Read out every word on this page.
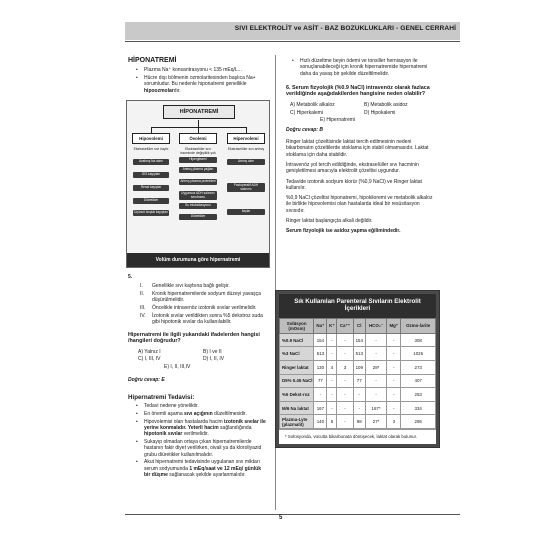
SIVI ELEKTROLİT ve ASİT - BAZ BOZUKLUKLARI - GENEL CERRAHİ
HİPONATREMİ
• Plazma Na⁺ konsantrasyonu < 135 mEq/L...
• Hücre dışı bölmenin ozmolaritesinden başlıca Na+ sorumludur. Bu nedenle hiponatremi genellikle hipoozmolardır.
HİPONATREMİ
Hipovolemi	Övolemi	Hipervolemi
Ekstraselüler sıvı kaybı	Ekstraselüler sıvı hacminde değişiklik yok
Ekstraselüler sıvı artmış
Azalmış Na alımı
GIS kayıpları
Renal kayıplar
Diüretikler
Üçüncü boşluk kayıpları
Hiperglisemi
Artmış plazma yağları
Artmış plazma proteinleri
Uygunsuz ADH salınımı sendromu
Su intoksikasyonu
Diüretikler
Artmış alım
Postoperatif ADH salınımı
İlaçlar
Volüm durumuna göre hipernatremi
5.
I. Genellikle sıvı kaybına bağlı gelişir.
II. Kronik hipernatremilerde sodyum düzeyi yavaşça düşürülmelidir.
III. Öncelikle intravenöz izotonik sıvılar verilmelidir.
IV. İzotonik sıvılar verildikten sonra %5 dekstroz suda gibi hipotonik sıvılar da kullanılabilir.
Hipernatremi ile ilgili yukarıdaki ifadelerden hangisi /hangileri doğrudur?
A) Yalnız I	B) I ve II
C) I, III, IV	D) I, II, IV
E) I, II, III,IV
Doğru cevap: E
Hipernatremi Tedavisi:
• Tedavi nedene yöneliktir.
• En önemli aşama sıvı açığının düzeltilmesidir.
• Hipovolemisi olan hastalarda hacim izotonik sıvılar ile yerine konmalıdır. Yeterli hacim sağlandığında hipotonik sıvılar verilmelidir.
• Sukayıp olmadan ortaya çıkan hipernatremilerde hastanın fakir diyet verilirken, oivali ya da kloroliyazid grubu diüretikler kullanılmalıdır.
• Akut hipernatremi tedavisinde uygulanan sıvı miktarı serum sodyumunda 1 mEq/saat ve 12 mEq/ günlük bir düşme sağlanacak şekilde ayarlanmalıdır.
• Hızlı düzeltme beyin ödemi ve tonsiller herniasyon ile sonuçlanabileceği için kronik hipernatremide hipernatremi daha da yavaş bir şekilde düzeltilmelidir.
6. Serum fizyolojik (%0.9 NaCl) intravenöz olarak fazlaca verildiğinde aşağıdakilerden hangisine neden olabilir?
A) Metabolik alkaloz	B) Metabolik asidoz
C) Hiperkalemi	D) Hipokalemi
E) Hipernatremi
Doğru cevap: B
Ringer laktat çözeltisinde laktat tercih edilmesinin nedeni bikarbonatın çözeltilerde stoklama için stabil olmamasıdır. Laktat stoklama için daha stabildir.
İntravenöz yol tercih edildiğinde, ekstraselüller sıvı hacminin genişletilmesi amacıyla elektrolit çözeltisi uygundur.
Tedavide izotonik sodyum klorür (%0,9 NaCl) ve Ringer laktat kullanılır.
%0,9 NaCl çözeltisi hiponatremi, hipoklioremi ve metabolik alkaloz ile birlikte hipovolemisi olan hastalarda ideal bir resüsitasyon sıvısıdır.
Ringer laktat başlangıçta alkali değildir.
Serum fizyolojik ise asidoz yapma eğilimindedir.
Sık Kullanılan Parenteral Sıvıların Elektrolit İçerikleri
Solüsyon (mOsm)	Na⁺	K⁺	Ca⁺⁺	Cl	HCO₃⁻	Mg⁺	Ozmo-larite
%0.9 NaCl	154	-	-	154	-	-	308
%3 NaCl	513	-	-	513	-	-	1026
Ringer laktat	130	4	3	109	28*	-	273
D5% 0.45 NaCl	77	-	-	77	-	-	407
%5 Dekst-roz	-	-	-	-	-	-	253
M/6 Na laktat	167	-	-	-	167*	-	334
Plazma-Lyte (plazmalit)	140	5	-	98	27*	3	295
* Solüsyonda, vücutta bikarbonata dönüşecek, laktat olarak bulunur.
5
